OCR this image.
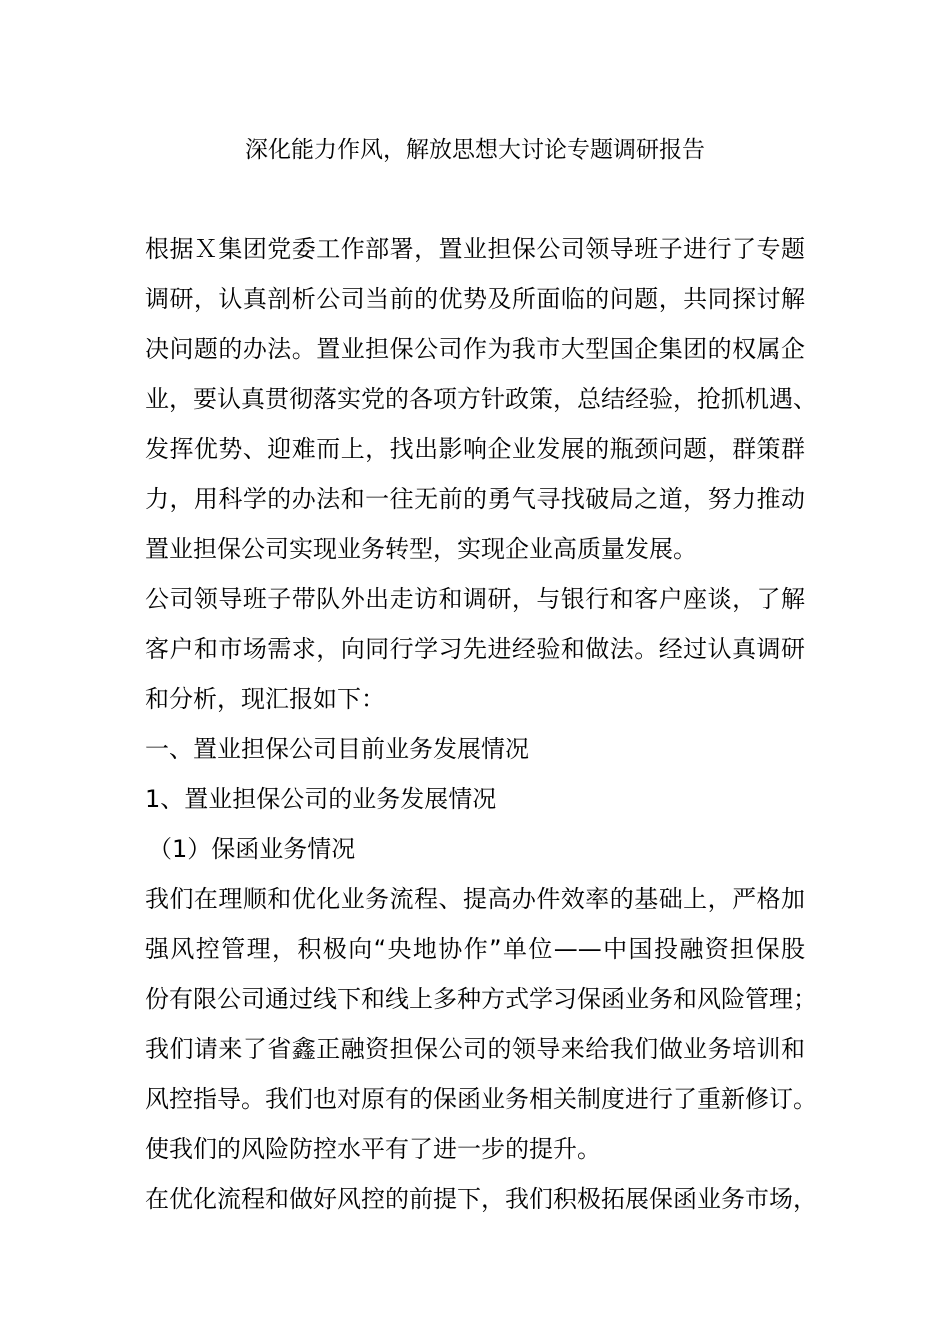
深化能力作风，解放思想大讨论专题调研报告
根据Ｘ集团党委工作部署，置业担保公司领导班子进行了专题
调研，认真剖析公司当前的优势及所面临的问题，共同探讨解
决问题的办法。置业担保公司作为我市大型国企集团的权属企
业，要认真贯彻落实党的各项方针政策，总结经验，抢抓机遇、
发挥优势、迎难而上，找出影响企业发展的瓶颈问题，群策群
力，用科学的办法和一往无前的勇气寻找破局之道，努力推动
置业担保公司实现业务转型，实现企业高质量发展。
公司领导班子带队外出走访和调研，与银行和客户座谈，了解
客户和市场需求，向同行学习先进经验和做法。经过认真调研
和分析，现汇报如下：
一、置业担保公司目前业务发展情况
1、置业担保公司的业务发展情况
（1）保函业务情况
我们在理顺和优化业务流程、提高办件效率的基础上，严格加
强风控管理，积极向“央地协作”单位——中国投融资担保股
份有限公司通过线下和线上多种方式学习保函业务和风险管理；
我们请来了省鑫正融资担保公司的领导来给我们做业务培训和
风控指导。我们也对原有的保函业务相关制度进行了重新修订。
使我们的风险防控水平有了进一步的提升。
在优化流程和做好风控的前提下，我们积极拓展保函业务市场，
